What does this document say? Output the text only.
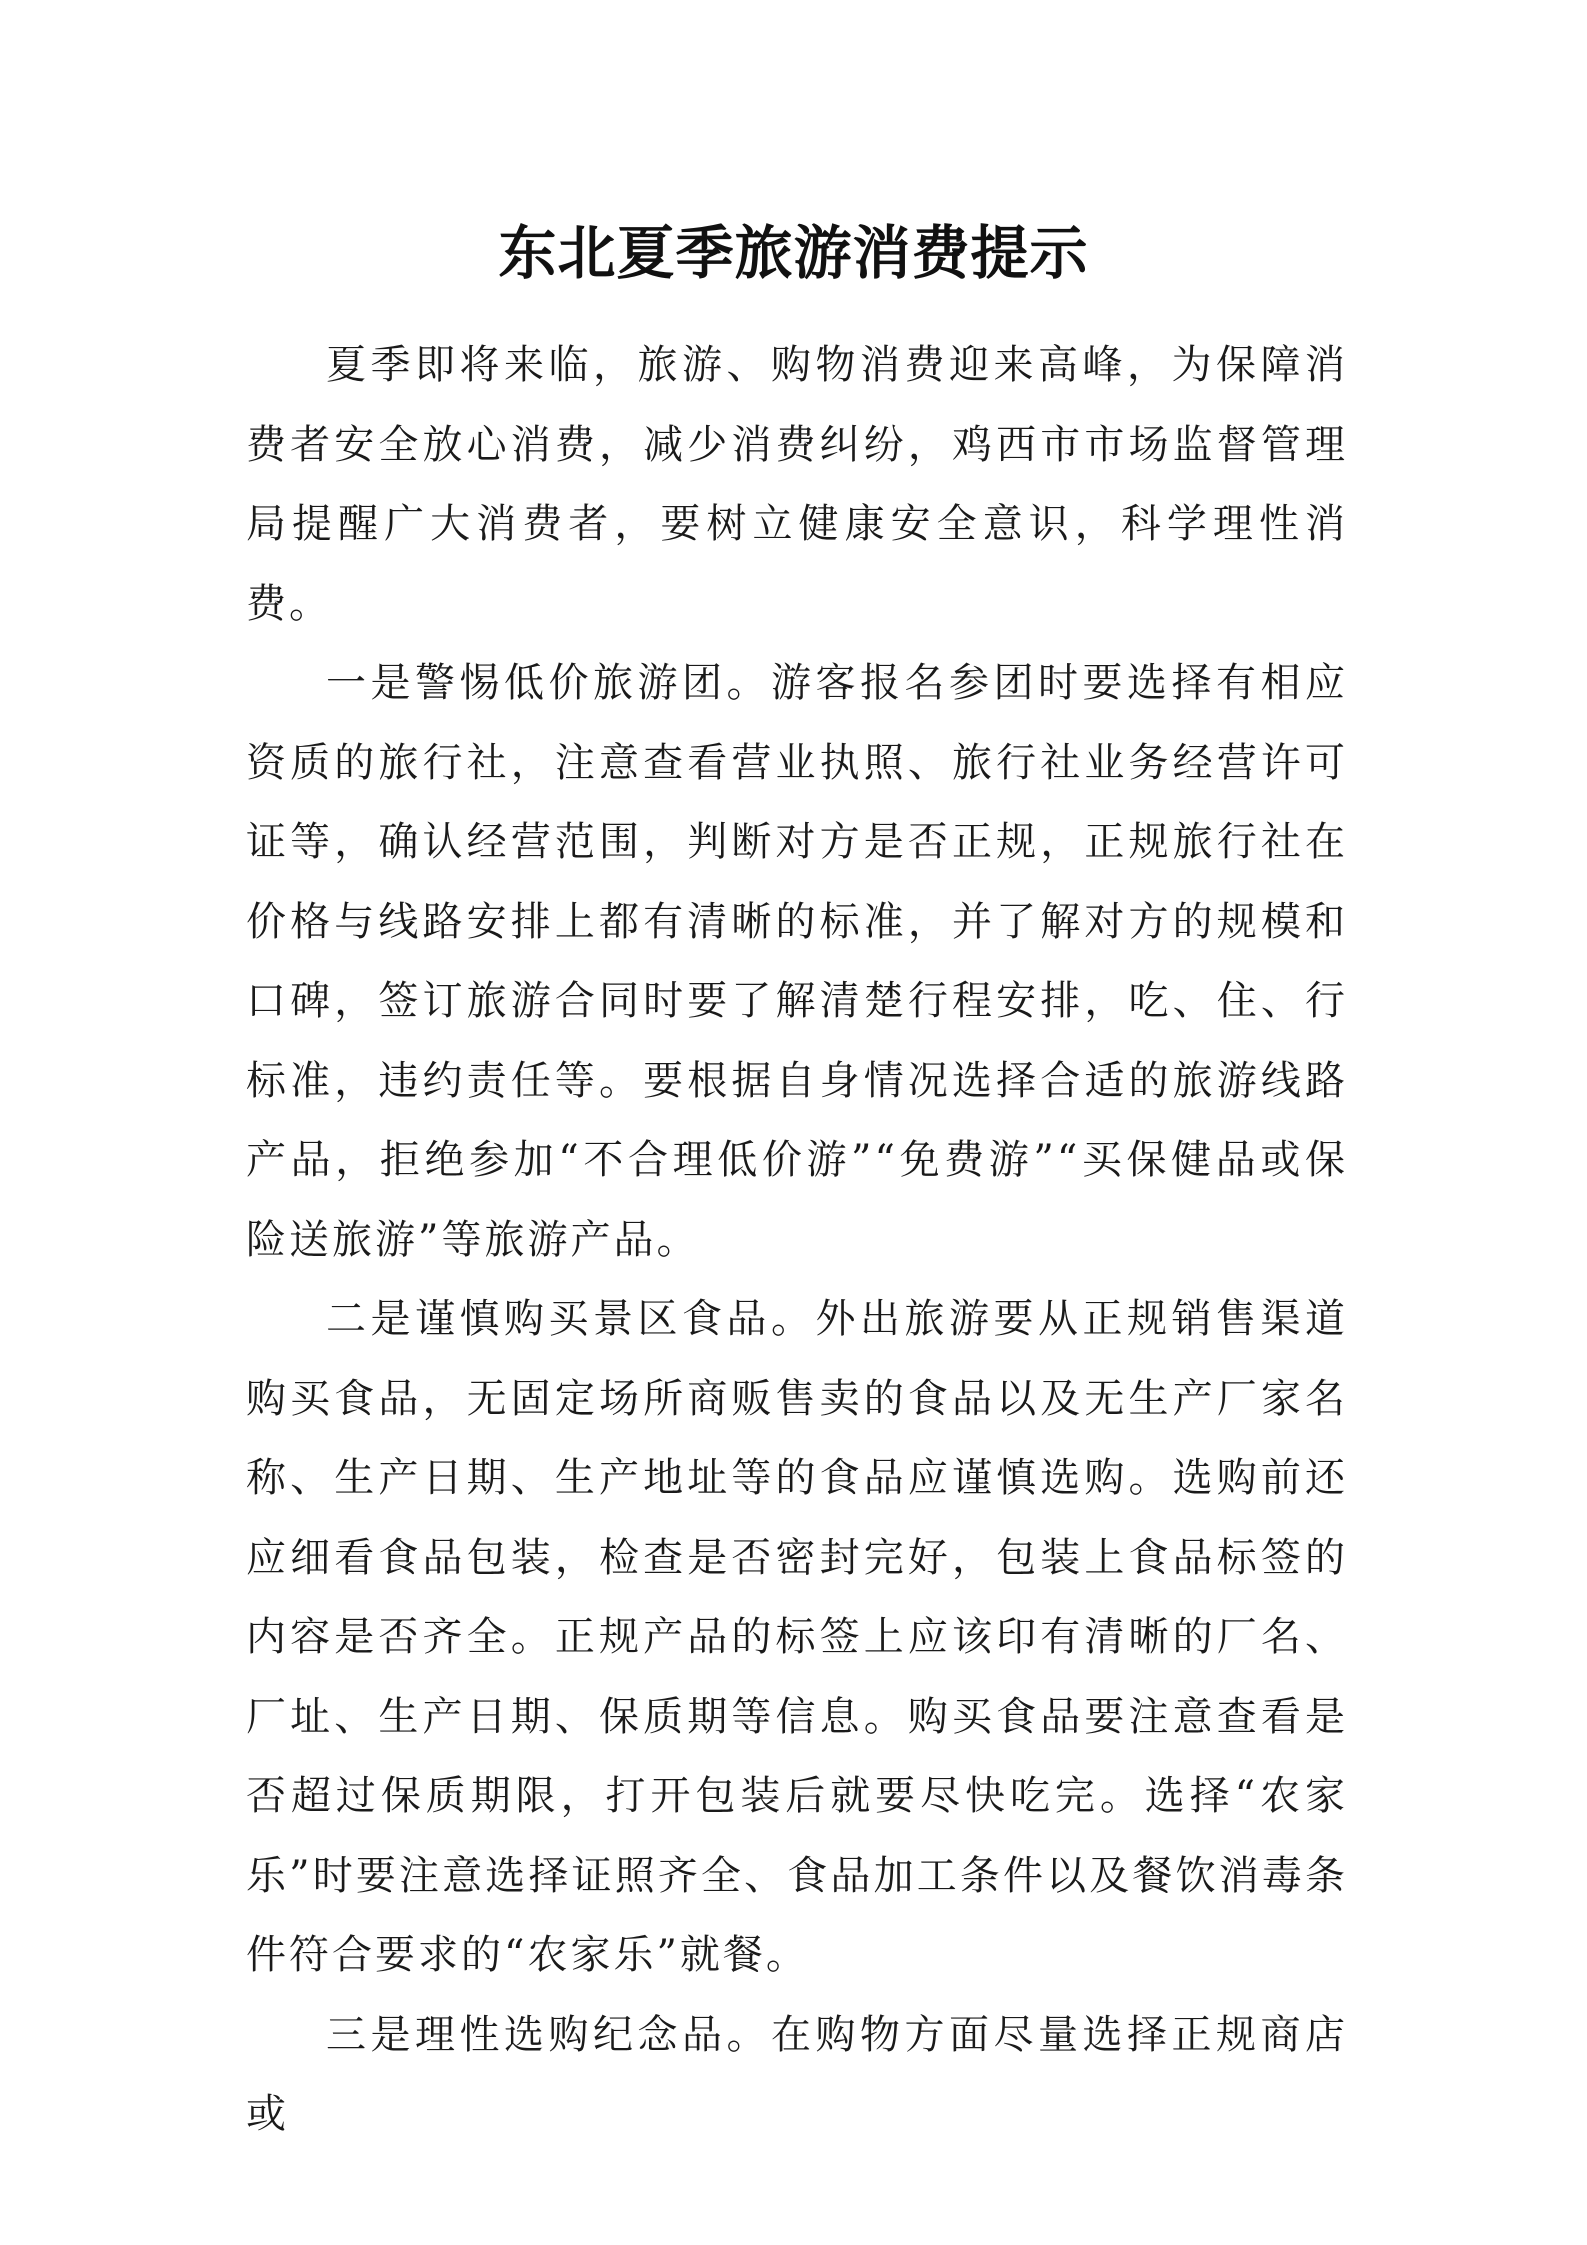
东北夏季旅游消费提示

夏季即将来临，旅游、购物消费迎来高峰，为保障消费者安全放心消费，减少消费纠纷，鸡西市市场监督管理局提醒广大消费者，要树立健康安全意识，科学理性消费。

一是警惕低价旅游团。游客报名参团时要选择有相应资质的旅行社，注意查看营业执照、旅行社业务经营许可证等，确认经营范围，判断对方是否正规，正规旅行社在价格与线路安排上都有清晰的标准，并了解对方的规模和口碑，签订旅游合同时要了解清楚行程安排，吃、住、行标准，违约责任等。要根据自身情况选择合适的旅游线路产品，拒绝参加“不合理低价游”“免费游”“买保健品或保险送旅游”等旅游产品。

二是谨慎购买景区食品。外出旅游要从正规销售渠道购买食品，无固定场所商贩售卖的食品以及无生产厂家名称、生产日期、生产地址等的食品应谨慎选购。选购前还应细看食品包装，检查是否密封完好，包装上食品标签的内容是否齐全。正规产品的标签上应该印有清晰的厂名、厂址、生产日期、保质期等信息。购买食品要注意查看是否超过保质期限，打开包装后就要尽快吃完。选择“农家乐”时要注意选择证照齐全、食品加工条件以及餐饮消毒条件符合要求的“农家乐”就餐。

三是理性选购纪念品。在购物方面尽量选择正规商店或
